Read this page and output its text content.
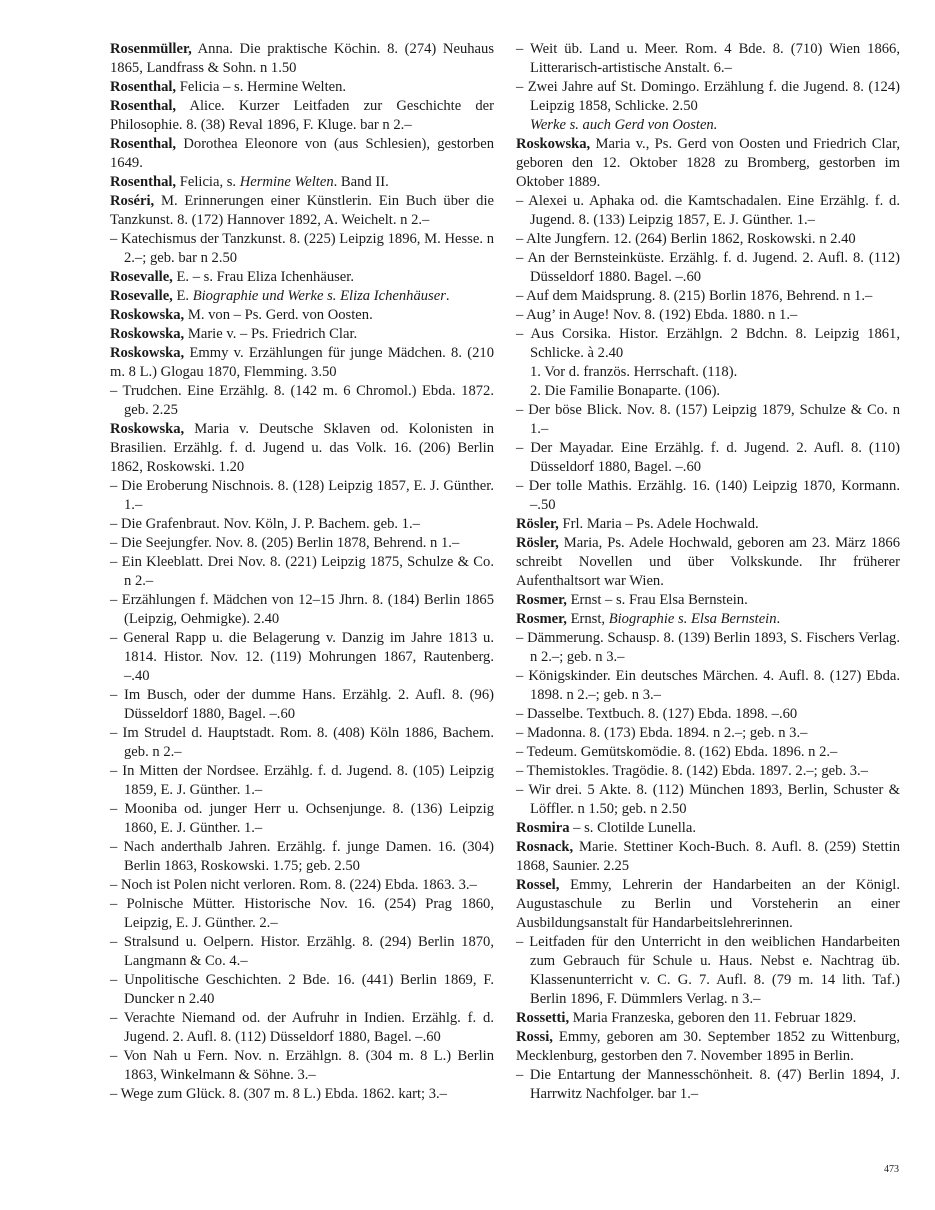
Rosenmüller, Anna. Die praktische Köchin. 8. (274) Neuhaus 1865, Landfrass & Sohn. n 1.50

Rosenthal, Felicia – s. Hermine Welten.

Rosenthal, Alice. Kurzer Leitfaden zur Geschichte der Philosophie. 8. (38) Reval 1896, F. Kluge. bar n 2.–

Rosenthal, Dorothea Eleonore von (aus Schlesien), gestorben 1649.

Rosenthal, Felicia, s. Hermine Welten. Band II.

Roséri, M. Erinnerungen einer Künstlerin. Ein Buch über die Tanzkunst. 8. (172) Hannover 1892, A. Weichelt. n 2.–

– Katechismus der Tanzkunst. 8. (225) Leipzig 1896, M. Hesse. n 2.–; geb. bar n 2.50

Rosevalle, E. – s. Frau Eliza Ichenhäuser.

Rosevalle, E. Biographie und Werke s. Eliza Ichenhäuser.

Roskowska, M. von – Ps. Gerd. von Oosten.

Roskowska, Marie v. – Ps. Friedrich Clar.

Roskowska, Emmy v. Erzählungen für junge Mädchen. 8. (210 m. 8 L.) Glogau 1870, Flemming. 3.50

– Trudchen. Eine Erzählg. 8. (142 m. 6 Chromol.) Ebda. 1872. geb. 2.25

Roskowska, Maria v. Deutsche Sklaven od. Kolonisten in Brasilien. Erzählg. f. d. Jugend u. das Volk. 16. (206) Berlin 1862, Roskowski. 1.20

– Die Eroberung Nischnois. 8. (128) Leipzig 1857, E. J. Günther. 1.–

– Die Grafenbraut. Nov. Köln, J. P. Bachem. geb. 1.–

– Die Seejungfer. Nov. 8. (205) Berlin 1878, Behrend. n 1.–

– Ein Kleeblatt. Drei Nov. 8. (221) Leipzig 1875, Schulze & Co. n 2.–

– Erzählungen f. Mädchen von 12–15 Jhrn. 8. (184) Berlin 1865 (Leipzig, Oehmigke). 2.40

– General Rapp u. die Belagerung v. Danzig im Jahre 1813 u. 1814. Histor. Nov. 12. (119) Mohrungen 1867, Rautenberg. –.40

– Im Busch, oder der dumme Hans. Erzählg. 2. Aufl. 8. (96) Düsseldorf 1880, Bagel. –.60

– Im Strudel d. Hauptstadt. Rom. 8. (408) Köln 1886, Bachem. geb. n 2.–

– In Mitten der Nordsee. Erzählg. f. d. Jugend. 8. (105) Leipzig 1859, E. J. Günther. 1.–

– Mooniba od. junger Herr u. Ochsenjunge. 8. (136) Leipzig 1860, E. J. Günther. 1.–

– Nach anderthalb Jahren. Erzählg. f. junge Damen. 16. (304) Berlin 1863, Roskowski. 1.75; geb. 2.50

– Noch ist Polen nicht verloren. Rom. 8. (224) Ebda. 1863. 3.–

– Polnische Mütter. Historische Nov. 16. (254) Prag 1860, Leipzig, E. J. Günther. 2.–

– Stralsund u. Oelpern. Histor. Erzählg. 8. (294) Berlin 1870, Langmann & Co. 4.–

– Unpolitische Geschichten. 2 Bde. 16. (441) Berlin 1869, F. Duncker n 2.40

– Verachte Niemand od. der Aufruhr in Indien. Erzählg. f. d. Jugend. 2. Aufl. 8. (112) Düsseldorf 1880, Bagel. –.60

– Von Nah u Fern. Nov. n. Erzählgn. 8. (304 m. 8 L.) Berlin 1863, Winkelmann & Söhne. 3.–

– Wege zum Glück. 8. (307 m. 8 L.) Ebda. 1862. kart; 3.–

– Weit üb. Land u. Meer. Rom. 4 Bde. 8. (710) Wien 1866, Litterarisch-artistische Anstalt. 6.–

– Zwei Jahre auf St. Domingo. Erzählung f. die Jugend. 8. (124) Leipzig 1858, Schlicke. 2.50

Werke s. auch Gerd von Oosten.

Roskowska, Maria v., Ps. Gerd von Oosten und Friedrich Clar, geboren den 12. Oktober 1828 zu Bromberg, gestorben im Oktober 1889.

– Alexei u. Aphaka od. die Kamtschadalen. Eine Erzählg. f. d. Jugend. 8. (133) Leipzig 1857, E. J. Günther. 1.–

– Alte Jungfern. 12. (264) Berlin 1862, Roskowski. n 2.40

– An der Bernsteinküste. Erzählg. f. d. Jugend. 2. Aufl. 8. (112) Düsseldorf 1880. Bagel. –.60

– Auf dem Maidsprung. 8. (215) Borlin 1876, Behrend. n 1.–

– Aug’ in Auge! Nov. 8. (192) Ebda. 1880. n 1.–

– Aus Corsika. Histor. Erzählgn. 2 Bdchn. 8. Leipzig 1861, Schlicke. à 2.40

1. Vor d. französ. Herrschaft. (118).

2. Die Familie Bonaparte. (106).

– Der böse Blick. Nov. 8. (157) Leipzig 1879, Schulze & Co. n 1.–

– Der Mayadar. Eine Erzählg. f. d. Jugend. 2. Aufl. 8. (110) Düsseldorf 1880, Bagel. –.60

– Der tolle Mathis. Erzählg. 16. (140) Leipzig 1870, Kormann. –.50

Rösler, Frl. Maria – Ps. Adele Hochwald.

Rösler, Maria, Ps. Adele Hochwald, geboren am 23. März 1866 schreibt Novellen und über Volkskunde. Ihr früherer Aufenthaltsort war Wien.

Rosmer, Ernst – s. Frau Elsa Bernstein.

Rosmer, Ernst, Biographie s. Elsa Bernstein.

– Dämmerung. Schausp. 8. (139) Berlin 1893, S. Fischers Verlag. n 2.–; geb. n 3.–

– Königskinder. Ein deutsches Märchen. 4. Aufl. 8. (127) Ebda. 1898. n 2.–; geb. n 3.–

– Dasselbe. Textbuch. 8. (127) Ebda. 1898. –.60

– Madonna. 8. (173) Ebda. 1894. n 2.–; geb. n 3.–

– Tedeum. Gemütskomödie. 8. (162) Ebda. 1896. n 2.–

– Themistokles. Tragödie. 8. (142) Ebda. 1897. 2.–; geb. 3.–

– Wir drei. 5 Akte. 8. (112) München 1893, Berlin, Schuster & Löffler. n 1.50; geb. n 2.50

Rosmira – s. Clotilde Lunella.

Rosnack, Marie. Stettiner Koch-Buch. 8. Aufl. 8. (259) Stettin 1868, Saunier. 2.25

Rossel, Emmy, Lehrerin der Handarbeiten an der Königl. Augustaschule zu Berlin und Vorsteherin an einer Ausbildungsanstalt für Handarbeitslehrerinnen.

– Leitfaden für den Unterricht in den weiblichen Handarbeiten zum Gebrauch für Schule u. Haus. Nebst e. Nachtrag üb. Klassenunterricht v. C. G. 7. Aufl. 8. (79 m. 14 lith. Taf.) Berlin 1896, F. Dümmlers Verlag. n 3.–

Rossetti, Maria Franzeska, geboren den 11. Februar 1829.

Rossi, Emmy, geboren am 30. September 1852 zu Wittenburg, Mecklenburg, gestorben den 7. November 1895 in Berlin.

– Die Entartung der Mannesschönheit. 8. (47) Berlin 1894, J. Harrwitz Nachfolger. bar 1.–

473
